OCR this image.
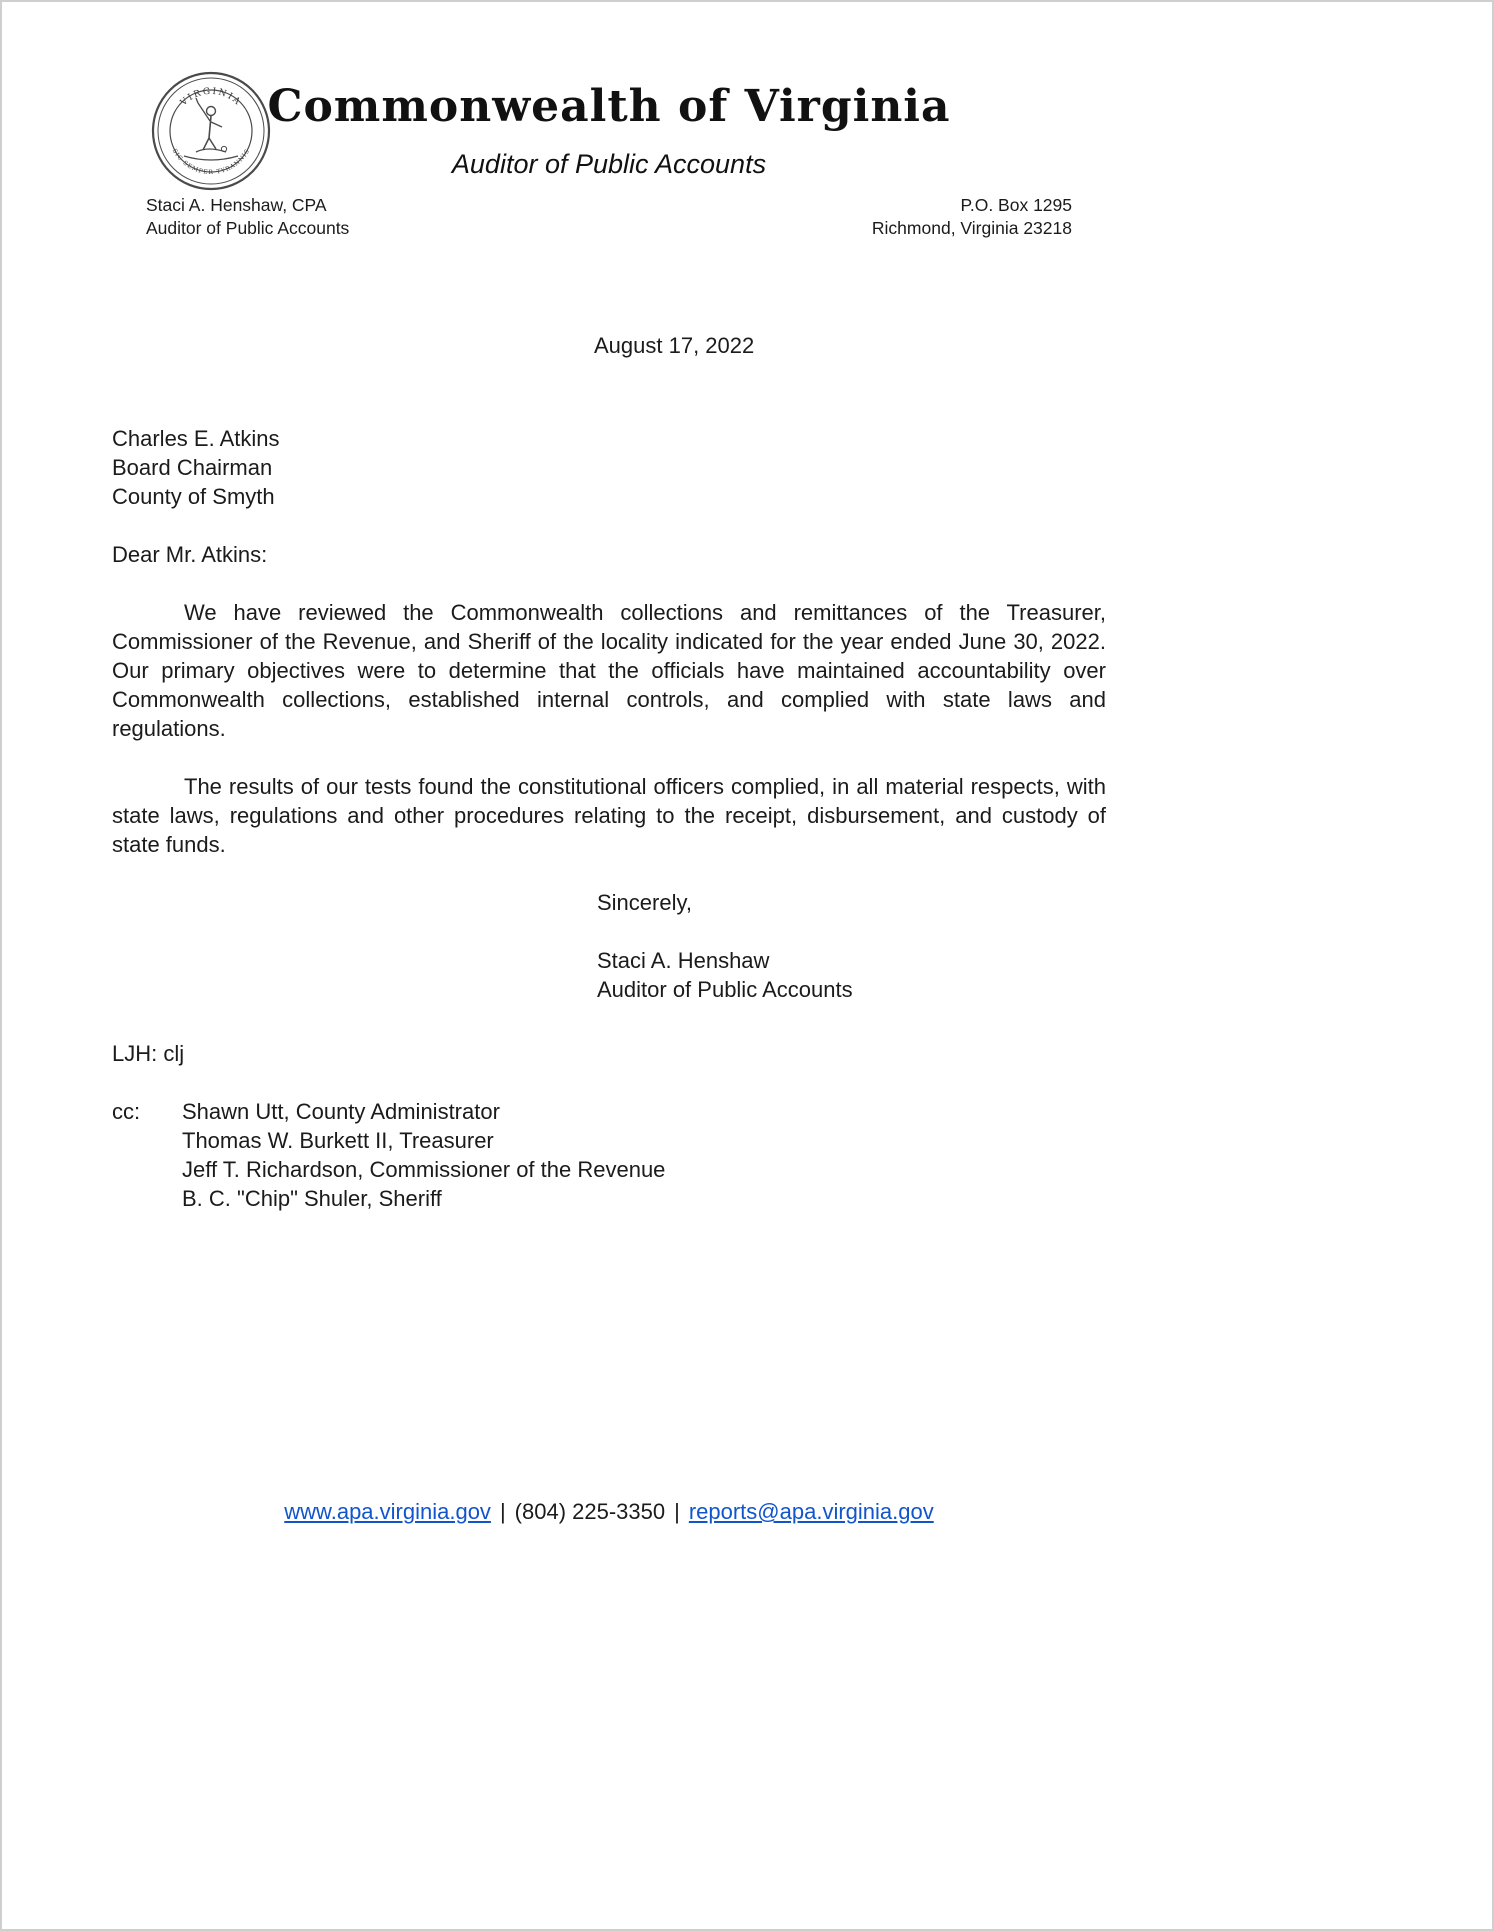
VIRGINIA
SIC SEMPER TYRANNIS
Commonwealth of Virginia
Auditor of Public Accounts
Staci A. Henshaw, CPA
Auditor of Public Accounts
P.O. Box 1295
Richmond, Virginia 23218
August 17, 2022
Charles E. Atkins
Board Chairman
County of Smyth
Dear Mr. Atkins:

We have reviewed the Commonwealth collections and remittances of the Treasurer, Commissioner of the Revenue, and Sheriff of the locality indicated for the year ended June 30, 2022. Our primary objectives were to determine that the officials have maintained accountability over Commonwealth collections, established internal controls, and complied with state laws and regulations.

The results of our tests found the constitutional officers complied, in all material respects, with state laws, regulations and other procedures relating to the receipt, disbursement, and custody of state funds.

Sincerely,
Staci A. Henshaw
Auditor of Public Accounts
LJH: clj
cc:	Shawn Utt, County Administrator
Thomas W. Burkett II, Treasurer
Jeff T. Richardson, Commissioner of the Revenue
B. C. "Chip" Shuler, Sheriff
www.apa.virginia.gov | (804) 225-3350 | reports@apa.virginia.gov
